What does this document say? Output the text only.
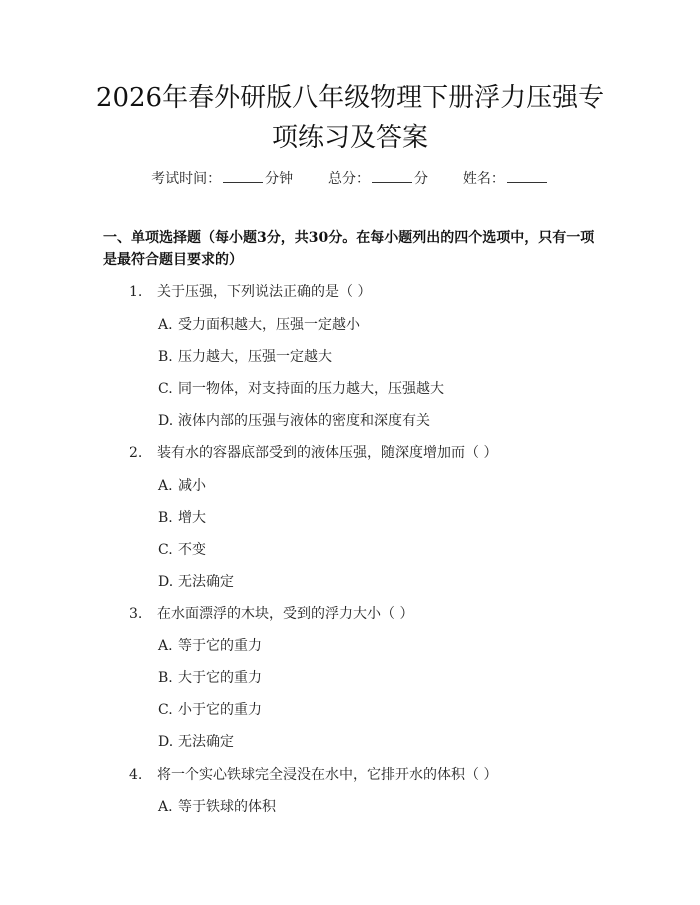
2026年春外研版八年级物理下册浮力压强专
项练习及答案
考试时间：	分钟 总分：	分 姓名：
一、单项选择题（每小题3分，共30分。在每小题列出的四个选项中，只有一项
是最符合题目要求的）
1. 关于压强，下列说法正确的是（ ）
A. 受力面积越大，压强一定越小
B. 压力越大，压强一定越大
C. 同一物体，对支持面的压力越大，压强越大
D. 液体内部的压强与液体的密度和深度有关
2. 装有水的容器底部受到的液体压强，随深度增加而（ ）
A. 减小
B. 增大
C. 不变
D. 无法确定
3. 在水面漂浮的木块，受到的浮力大小（ ）
A. 等于它的重力
B. 大于它的重力
C. 小于它的重力
D. 无法确定
4. 将一个实心铁球完全浸没在水中，它排开水的体积（ ）
A. 等于铁球的体积
